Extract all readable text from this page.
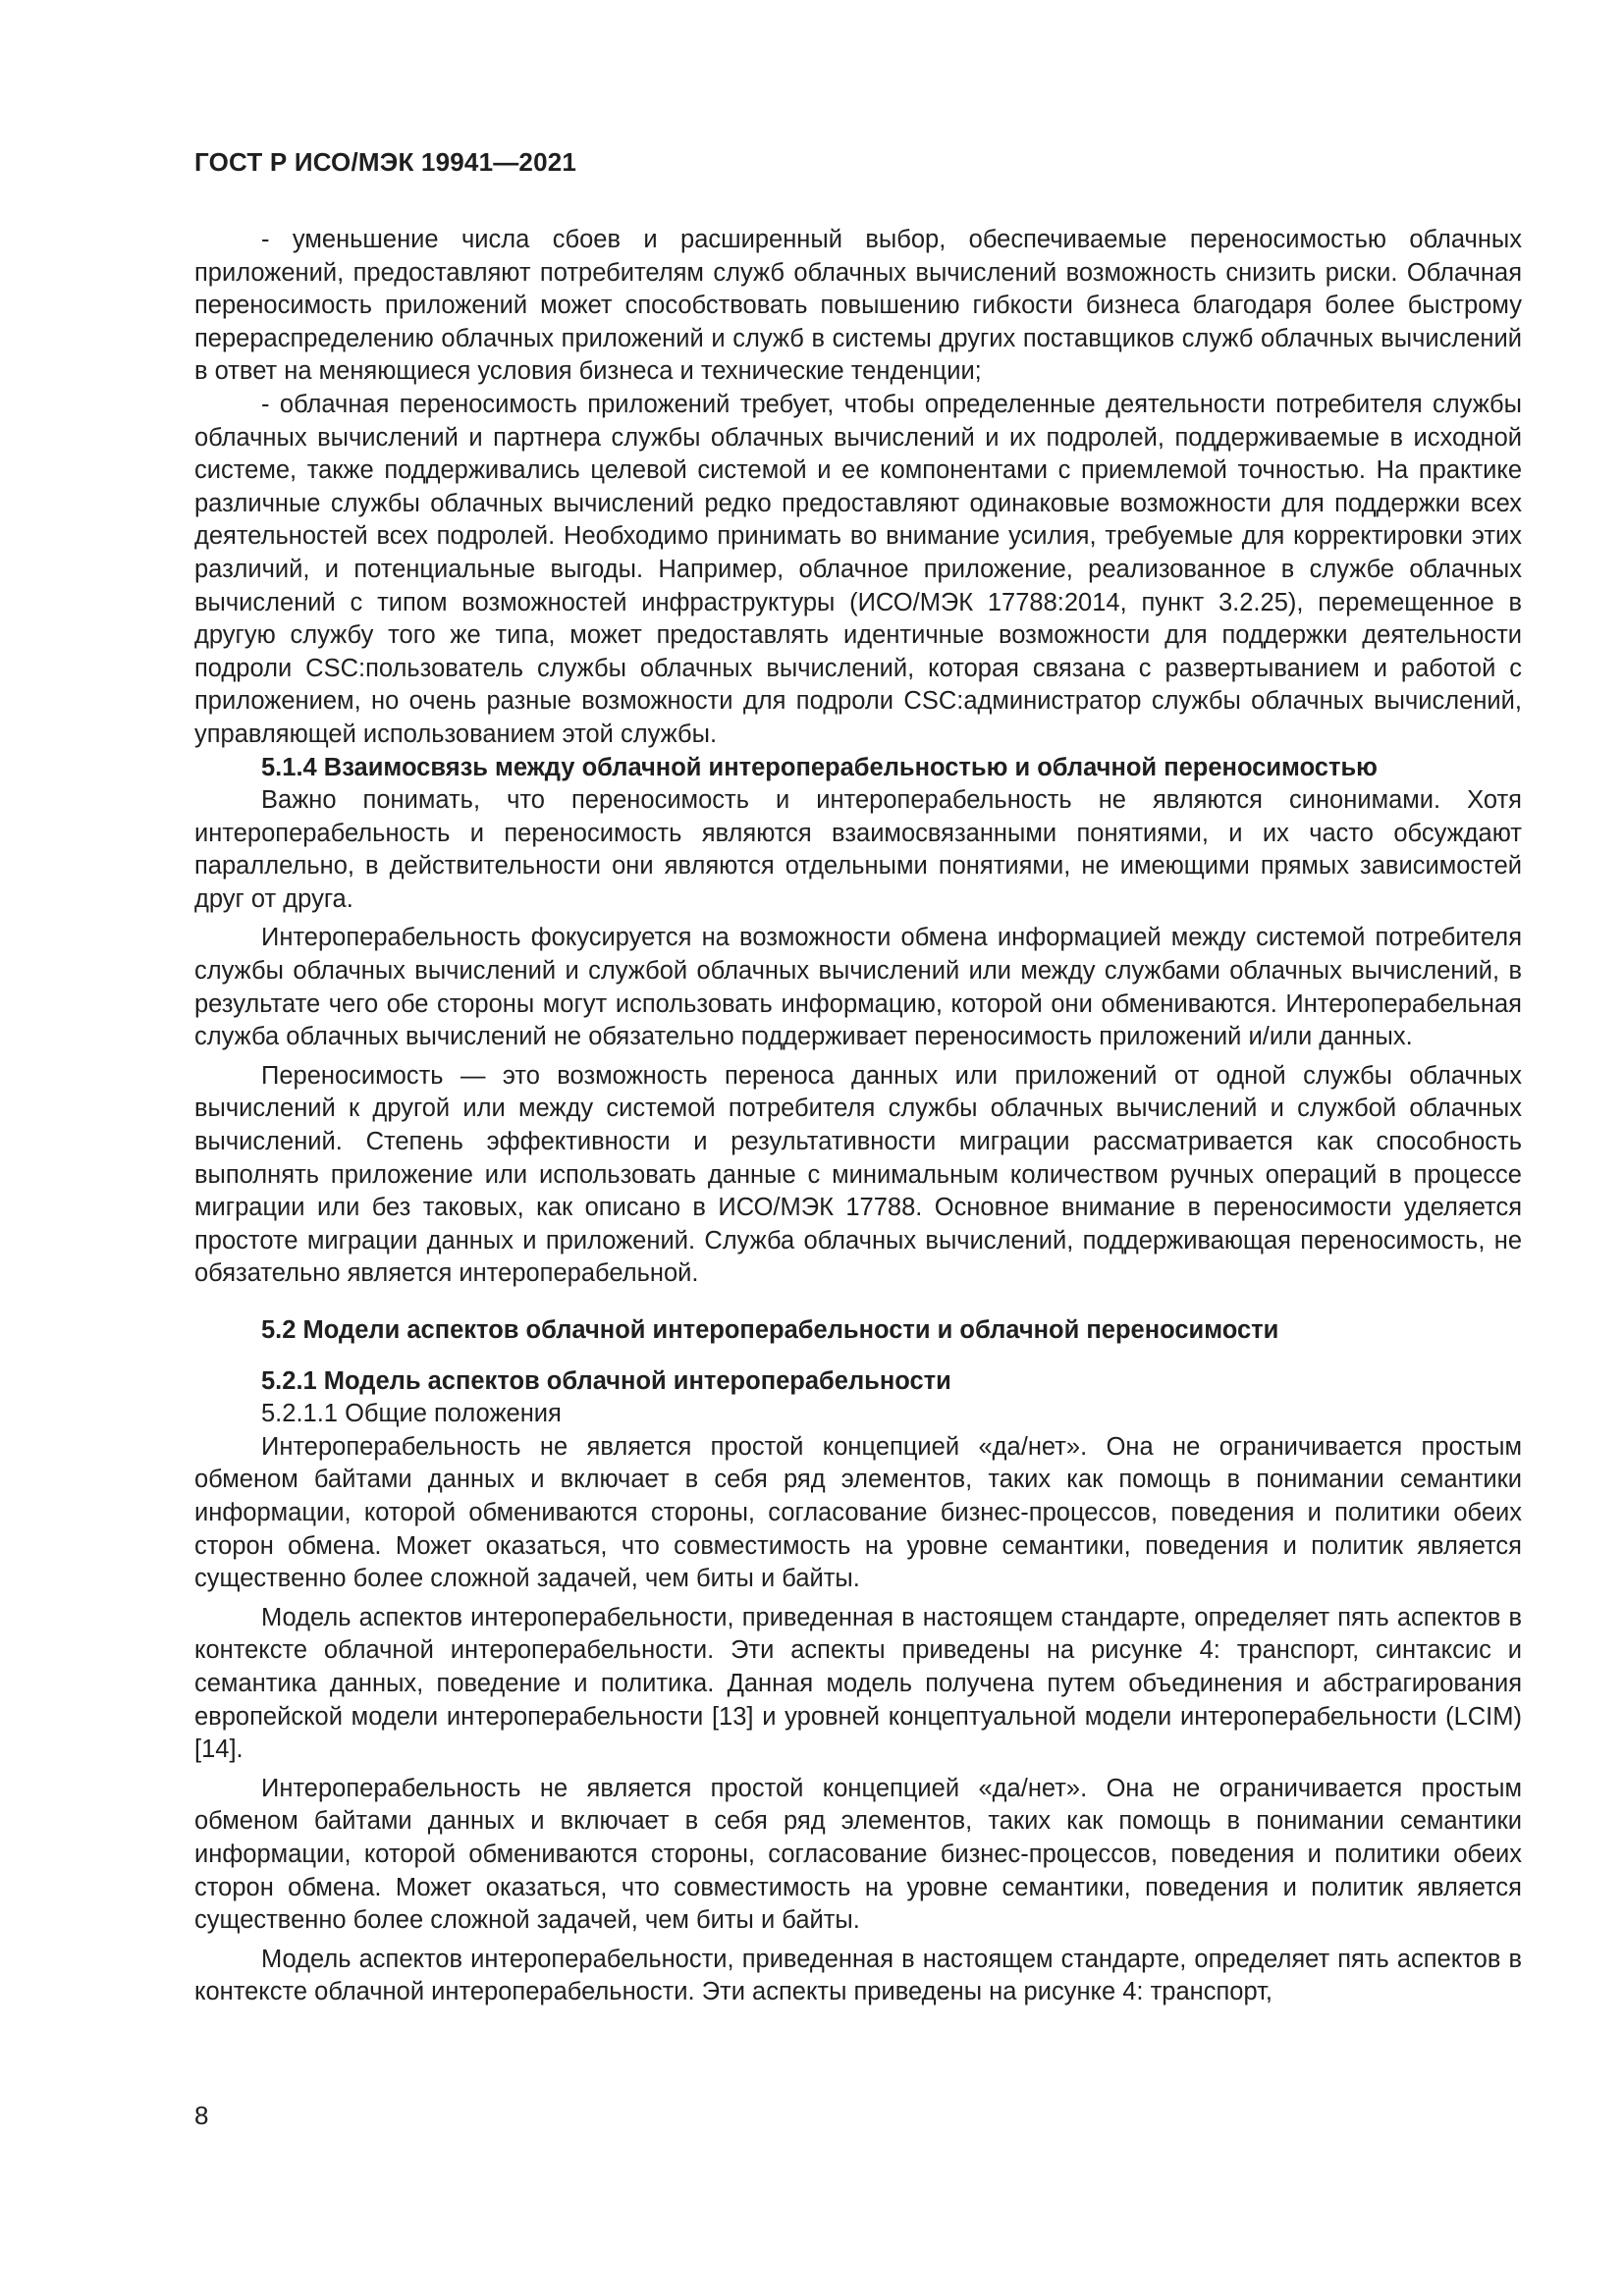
ГОСТ Р ИСО/МЭК 19941—2021

- уменьшение числа сбоев и расширенный выбор, обеспечиваемые переносимостью облачных приложений, предоставляют потребителям служб облачных вычислений возможность снизить риски. Облачная переносимость приложений может способствовать повышению гибкости бизнеса благодаря более быстрому перераспределению облачных приложений и служб в системы других поставщиков служб облачных вычислений в ответ на меняющиеся условия бизнеса и технические тенденции;

- облачная переносимость приложений требует, чтобы определенные деятельности потребителя службы облачных вычислений и партнера службы облачных вычислений и их подролей, поддерживаемые в исходной системе, также поддерживались целевой системой и ее компонентами с приемлемой точностью. На практике различные службы облачных вычислений редко предоставляют одинаковые возможности для поддержки всех деятельностей всех подролей. Необходимо принимать во внимание усилия, требуемые для корректировки этих различий, и потенциальные выгоды. Например, облачное приложение, реализованное в службе облачных вычислений с типом возможностей инфраструктуры (ИСО/МЭК 17788:2014, пункт 3.2.25), перемещенное в другую службу того же типа, может предоставлять идентичные возможности для поддержки деятельности подроли CSC:пользователь службы облачных вычислений, которая связана с развертыванием и работой с приложением, но очень разные возможности для подроли CSC:администратор службы облачных вычислений, управляющей использованием этой службы.

5.1.4 Взаимосвязь между облачной интероперабельностью и облачной переносимостью

Важно понимать, что переносимость и интероперабельность не являются синонимами. Хотя интероперабельность и переносимость являются взаимосвязанными понятиями, и их часто обсуждают параллельно, в действительности они являются отдельными понятиями, не имеющими прямых зависимостей друг от друга.

Интероперабельность фокусируется на возможности обмена информацией между системой потребителя службы облачных вычислений и службой облачных вычислений или между службами облачных вычислений, в результате чего обе стороны могут использовать информацию, которой они обмениваются. Интероперабельная служба облачных вычислений не обязательно поддерживает переносимость приложений и/или данных.

Переносимость — это возможность переноса данных или приложений от одной службы облачных вычислений к другой или между системой потребителя службы облачных вычислений и службой облачных вычислений. Степень эффективности и результативности миграции рассматривается как способность выполнять приложение или использовать данные с минимальным количеством ручных операций в процессе миграции или без таковых, как описано в ИСО/МЭК 17788. Основное внимание в переносимости уделяется простоте миграции данных и приложений. Служба облачных вычислений, поддерживающая переносимость, не обязательно является интероперабельной.

5.2 Модели аспектов облачной интероперабельности и облачной переносимости

5.2.1 Модель аспектов облачной интероперабельности

5.2.1.1 Общие положения

Интероперабельность не является простой концепцией «да/нет». Она не ограничивается простым обменом байтами данных и включает в себя ряд элементов, таких как помощь в понимании семантики информации, которой обмениваются стороны, согласование бизнес-процессов, поведения и политики обеих сторон обмена. Может оказаться, что совместимость на уровне семантики, поведения и политик является существенно более сложной задачей, чем биты и байты.

Модель аспектов интероперабельности, приведенная в настоящем стандарте, определяет пять аспектов в контексте облачной интероперабельности. Эти аспекты приведены на рисунке 4: транспорт, синтаксис и семантика данных, поведение и политика. Данная модель получена путем объединения и абстрагирования европейской модели интероперабельности [13] и уровней концептуальной модели интероперабельности (LCIM) [14].

Интероперабельность не является простой концепцией «да/нет». Она не ограничивается простым обменом байтами данных и включает в себя ряд элементов, таких как помощь в понимании семантики информации, которой обмениваются стороны, согласование бизнес-процессов, поведения и политики обеих сторон обмена. Может оказаться, что совместимость на уровне семантики, поведения и политик является существенно более сложной задачей, чем биты и байты.

Модель аспектов интероперабельности, приведенная в настоящем стандарте, определяет пять аспектов в контексте облачной интероперабельности. Эти аспекты приведены на рисунке 4: транспорт,

8
